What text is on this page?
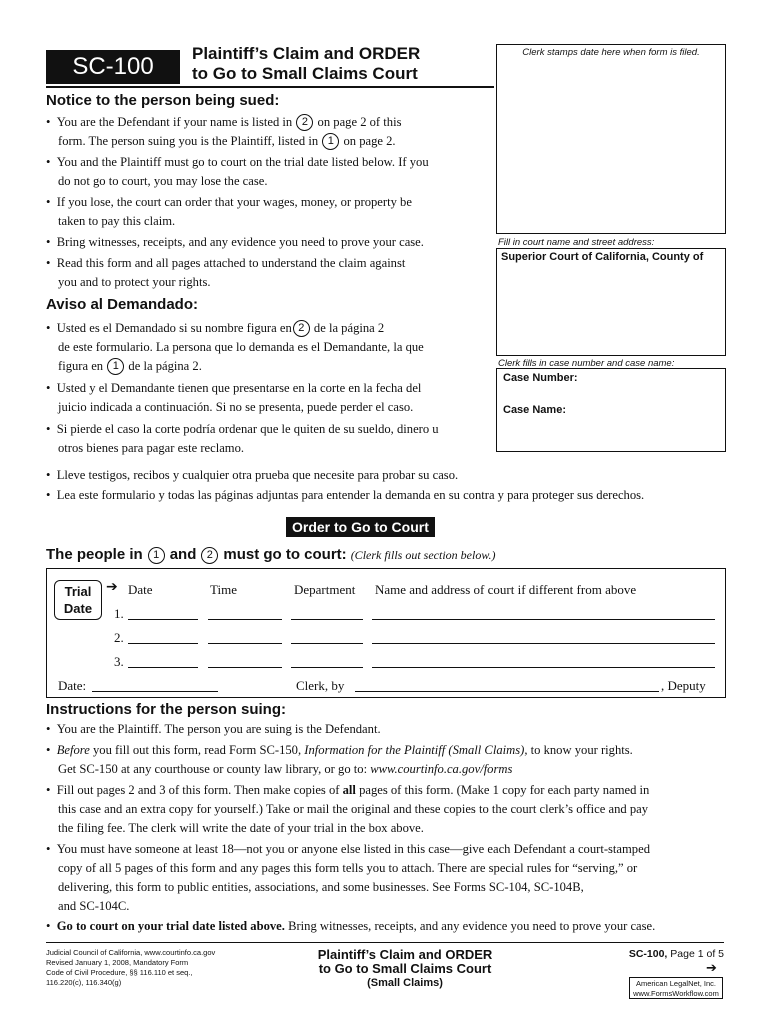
SC-100	Plaintiff’s Claim and ORDER
to Go to Small Claims Court
Clerk stamps date here when form is filed.
Fill in court name and street address:
Superior Court of California, County of
Clerk fills in case number and case name:
Case Number:
Case Name:
Notice to the person being sued:
•  You are the Defendant if your name is listed in 2 on page 2 of this
form. The person suing you is the Plaintiff, listed in 1 on page 2.
•  You and the Plaintiff must go to court on the trial date listed below. If you
do not go to court, you may lose the case.
•  If you lose, the court can order that your wages, money, or property be
taken to pay this claim.
•  Bring witnesses, receipts, and any evidence you need to prove your case.
•  Read this form and all pages attached to understand the claim against
you and to protect your rights.
Aviso al Demandado:
•  Usted es el Demandado si su nombre figura en 2 de la página 2
de este formulario. La persona que lo demanda es el Demandante, la que
figura en 1 de la página 2.
•  Usted y el Demandante tienen que presentarse en la corte en la fecha del
juicio indicada a continuación. Si no se presenta, puede perder el caso.
•  Si pierde el caso la corte podría ordenar que le quiten de su sueldo, dinero u
otros bienes para pagar este reclamo.
•  Lleve testigos, recibos y cualquier otra prueba que necesite para probar su caso.
•  Lea este formulario y todas las páginas adjuntas para entender la demanda en su contra y para proteger sus derechos.
Order to Go to Court
The people in 1 and 2 must go to court: (Clerk fills out section below.)
Trial
Date
➔ Date	Time	Department Name and address of court if different from above
1.
2.
3.
Date:	Clerk, by	, Deputy
Instructions for the person suing:
•  You are the Plaintiff. The person you are suing is the Defendant.
•  Before you fill out this form, read Form SC-150, Information for the Plaintiff (Small Claims), to know your rights.
Get SC-150 at any courthouse or county law library, or go to: www.courtinfo.ca.gov/forms
•  Fill out pages 2 and 3 of this form. Then make copies of all pages of this form. (Make 1 copy for each party named in
this case and an extra copy for yourself.) Take or mail the original and these copies to the court clerk’s office and pay
the filing fee. The clerk will write the date of your trial in the box above.
•  You must have someone at least 18—not you or anyone else listed in this case—give each Defendant a court-stamped
copy of all 5 pages of this form and any pages this form tells you to attach. There are special rules for “serving,” or
delivering, this form to public entities, associations, and some businesses. See Forms SC-104, SC-104B,
and SC-104C.
•  Go to court on your trial date listed above. Bring witnesses, receipts, and any evidence you need to prove your case.
Judicial Council of California, www.courtinfo.ca.gov
Revised January 1, 2008, Mandatory Form
Code of Civil Procedure, §§ 116.110 et seq.,
116.220(c), 116.340(g)
Plaintiff’s Claim and ORDER
to Go to Small Claims Court
(Small Claims)
SC-100, Page 1 of 5
➔
American LegalNet, Inc.
www.FormsWorkflow.com
